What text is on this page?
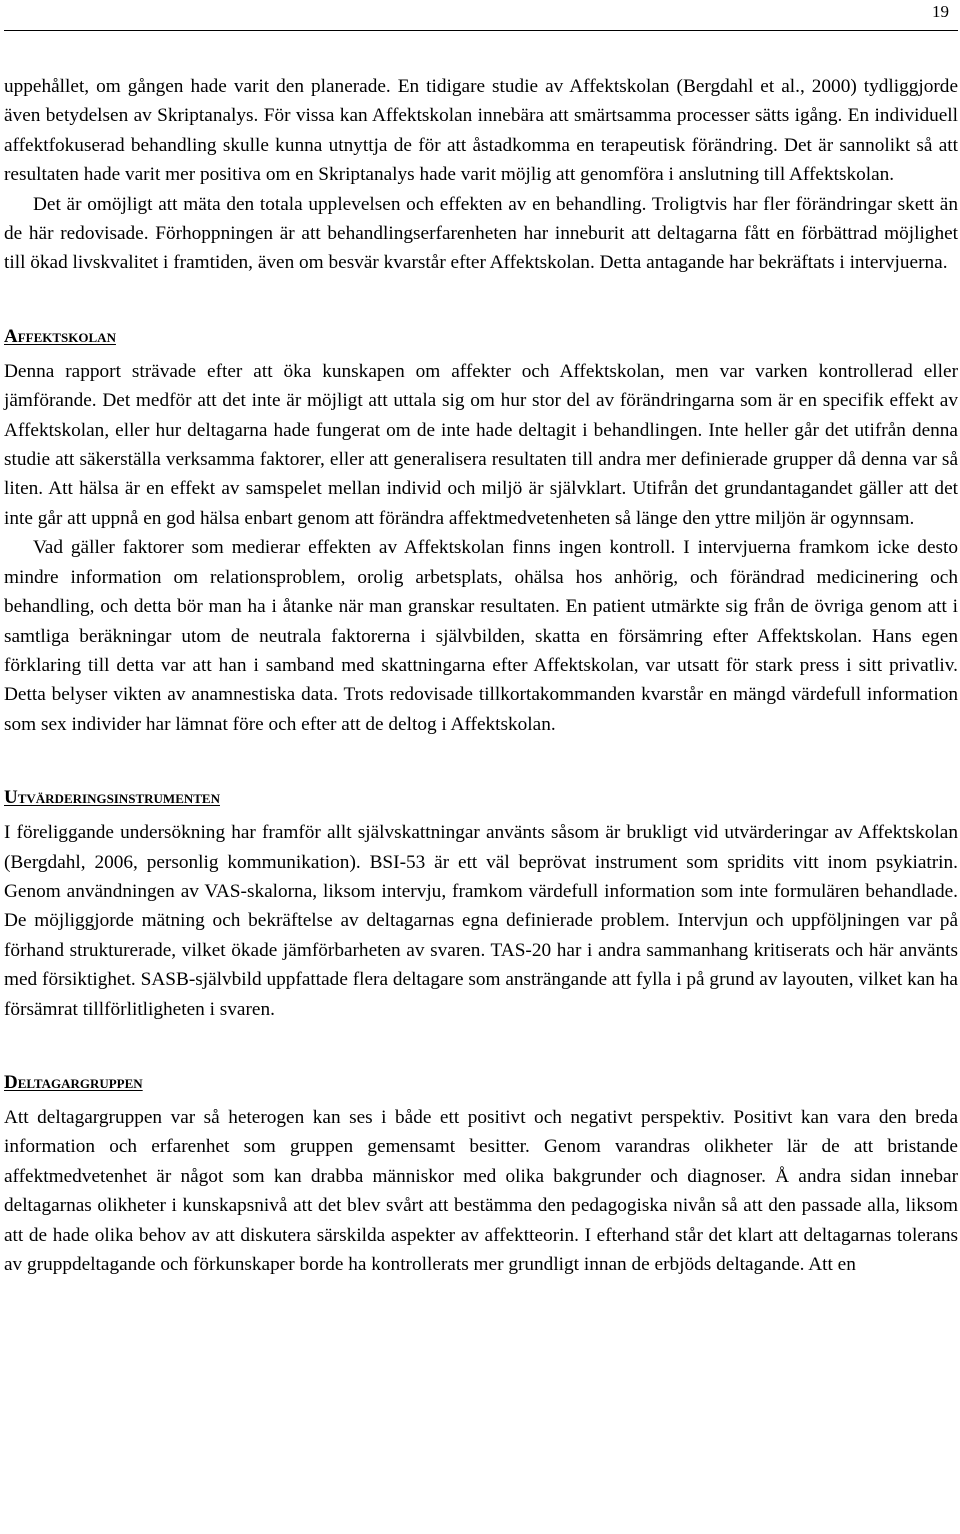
19

uppehållet, om gången hade varit den planerade. En tidigare studie av Affektskolan (Bergdahl et al., 2000) tydliggjorde även betydelsen av Skriptanalys. För vissa kan Affektskolan innebära att smärtsamma processer sätts igång. En individuell affektfokuserad behandling skulle kunna utnyttja de för att åstadkomma en terapeutisk förändring. Det är sannolikt så att resultaten hade varit mer positiva om en Skriptanalys hade varit möjlig att genomföra i anslutning till Affektskolan.

Det är omöjligt att mäta den totala upplevelsen och effekten av en behandling. Troligtvis har fler förändringar skett än de här redovisade. Förhoppningen är att behandlingserfarenheten har inneburit att deltagarna fått en förbättrad möjlighet till ökad livskvalitet i framtiden, även om besvär kvarstår efter Affektskolan. Detta antagande har bekräftats i intervjuerna.

Affektskolan

Denna rapport strävade efter att öka kunskapen om affekter och Affektskolan, men var varken kontrollerad eller jämförande. Det medför att det inte är möjligt att uttala sig om hur stor del av förändringarna som är en specifik effekt av Affektskolan, eller hur deltagarna hade fungerat om de inte hade deltagit i behandlingen. Inte heller går det utifrån denna studie att säkerställa verksamma faktorer, eller att generalisera resultaten till andra mer definierade grupper då denna var så liten. Att hälsa är en effekt av samspelet mellan individ och miljö är självklart. Utifrån det grundantagandet gäller att det inte går att uppnå en god hälsa enbart genom att förändra affektmedvetenheten så länge den yttre miljön är ogynnsam.

Vad gäller faktorer som medierar effekten av Affektskolan finns ingen kontroll. I intervjuerna framkom icke desto mindre information om relationsproblem, orolig arbetsplats, ohälsa hos anhörig, och förändrad medicinering och behandling, och detta bör man ha i åtanke när man granskar resultaten. En patient utmärkte sig från de övriga genom att i samtliga beräkningar utom de neutrala faktorerna i självbilden, skatta en försämring efter Affektskolan. Hans egen förklaring till detta var att han i samband med skattningarna efter Affektskolan, var utsatt för stark press i sitt privatliv. Detta belyser vikten av anamnestiska data. Trots redovisade tillkortakommanden kvarstår en mängd värdefull information som sex individer har lämnat före och efter att de deltog i Affektskolan.

Utvärderingsinstrumenten

I föreliggande undersökning har framför allt självskattningar använts såsom är brukligt vid utvärderingar av Affektskolan (Bergdahl, 2006, personlig kommunikation). BSI-53 är ett väl beprövat instrument som spridits vitt inom psykiatrin. Genom användningen av VAS-skalorna, liksom intervju, framkom värdefull information som inte formulären behandlade. De möjliggjorde mätning och bekräftelse av deltagarnas egna definierade problem. Intervjun och uppföljningen var på förhand strukturerade, vilket ökade jämförbarheten av svaren. TAS-20 har i andra sammanhang kritiserats och här använts med försiktighet. SASB-självbild uppfattade flera deltagare som ansträngande att fylla i på grund av layouten, vilket kan ha försämrat tillförlitligheten i svaren.

Deltagargruppen

Att deltagargruppen var så heterogen kan ses i både ett positivt och negativt perspektiv. Positivt kan vara den breda information och erfarenhet som gruppen gemensamt besitter. Genom varandras olikheter lär de att bristande affektmedvetenhet är något som kan drabba människor med olika bakgrunder och diagnoser. Å andra sidan innebar deltagarnas olikheter i kunskapsnivå att det blev svårt att bestämma den pedagogiska nivån så att den passade alla, liksom att de hade olika behov av att diskutera särskilda aspekter av affektteorin. I efterhand står det klart att deltagarnas tolerans av gruppdeltagande och förkunskaper borde ha kontrollerats mer grundligt innan de erbjöds deltagande. Att en
